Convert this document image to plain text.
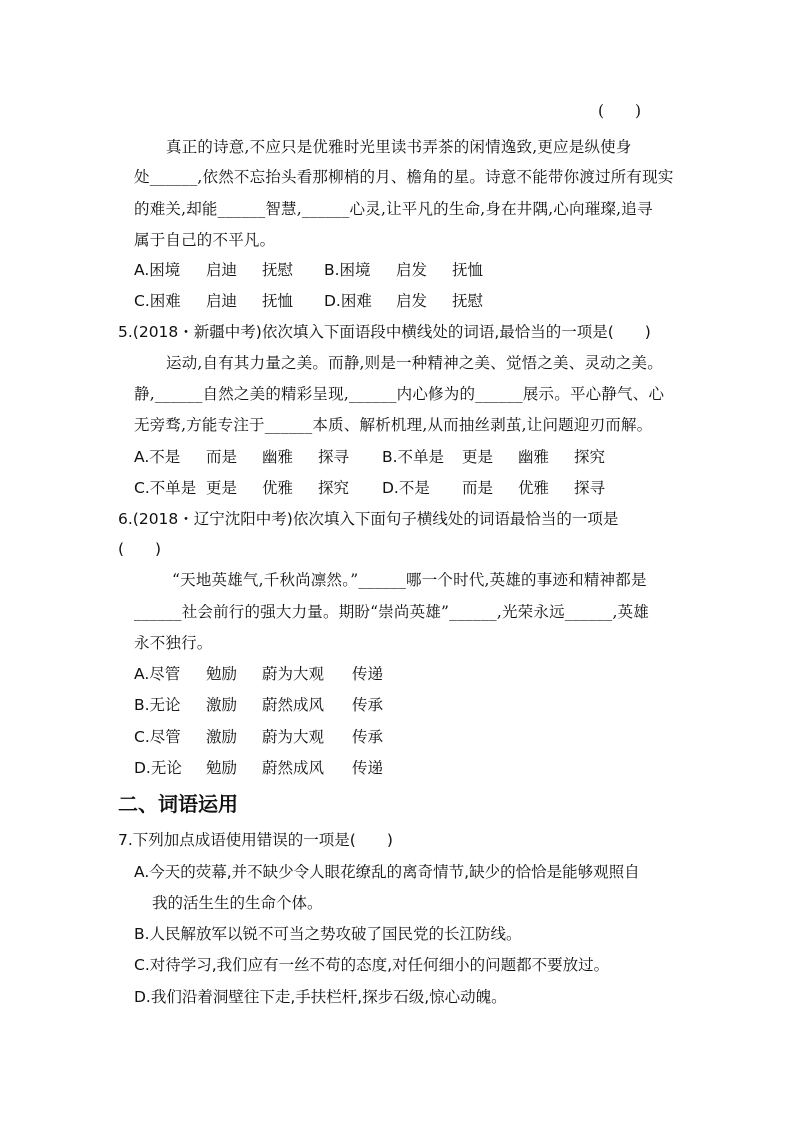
(　　)
真正的诗意,不应只是优雅时光里读书弄茶的闲情逸致,更应是纵使身
处______,依然不忘抬头看那柳梢的月、檐角的星。诗意不能带你渡过所有现实
的难关,却能______智慧,______心灵,让平凡的生命,身在井隅,心向璀璨,追寻
属于自己的不平凡。
A.困境 启迪 抚慰 B.困境 启发 抚恤
C.困难 启迪 抚恤 D.困难 启发 抚慰
5.(2018・新疆中考)依次填入下面语段中横线处的词语,最恰当的一项是(　　)
运动,自有其力量之美。而静,则是一种精神之美、觉悟之美、灵动之美。
静,______自然之美的精彩呈现,______内心修为的______展示。平心静气、心
无旁骛,方能专注于______本质、解析机理,从而抽丝剥茧,让问题迎刃而解。
A.不是 而是 幽雅 探寻 B.不单是 更是 幽雅 探究
C.不单是 更是 优雅 探究 D.不是 而是 优雅 探寻
6.(2018・辽宁沈阳中考)依次填入下面句子横线处的词语最恰当的一项是
(　　)
“天地英雄气,千秋尚凛然。”______哪一个时代,英雄的事迹和精神都是
______社会前行的强大力量。期盼“崇尚英雄”______,光荣永远______,英雄
永不独行。
A.尽管 勉励 蔚为大观 传递
B.无论 激励 蔚然成风 传承
C.尽管 激励 蔚为大观 传承
D.无论 勉励 蔚然成风 传递
二、词语运用
7.下列加点成语使用错误的一项是(　　)
A.今天的荧幕,并不缺少令人眼花缭乱的离奇情节,缺少的恰恰是能够观照自
我的活生生的生命个体。
B.人民解放军以锐不可当之势攻破了国民党的长江防线。
C.对待学习,我们应有一丝不苟的态度,对任何细小的问题都不要放过。
D.我们沿着洞壁往下走,手扶栏杆,探步石级,惊心动魄。
